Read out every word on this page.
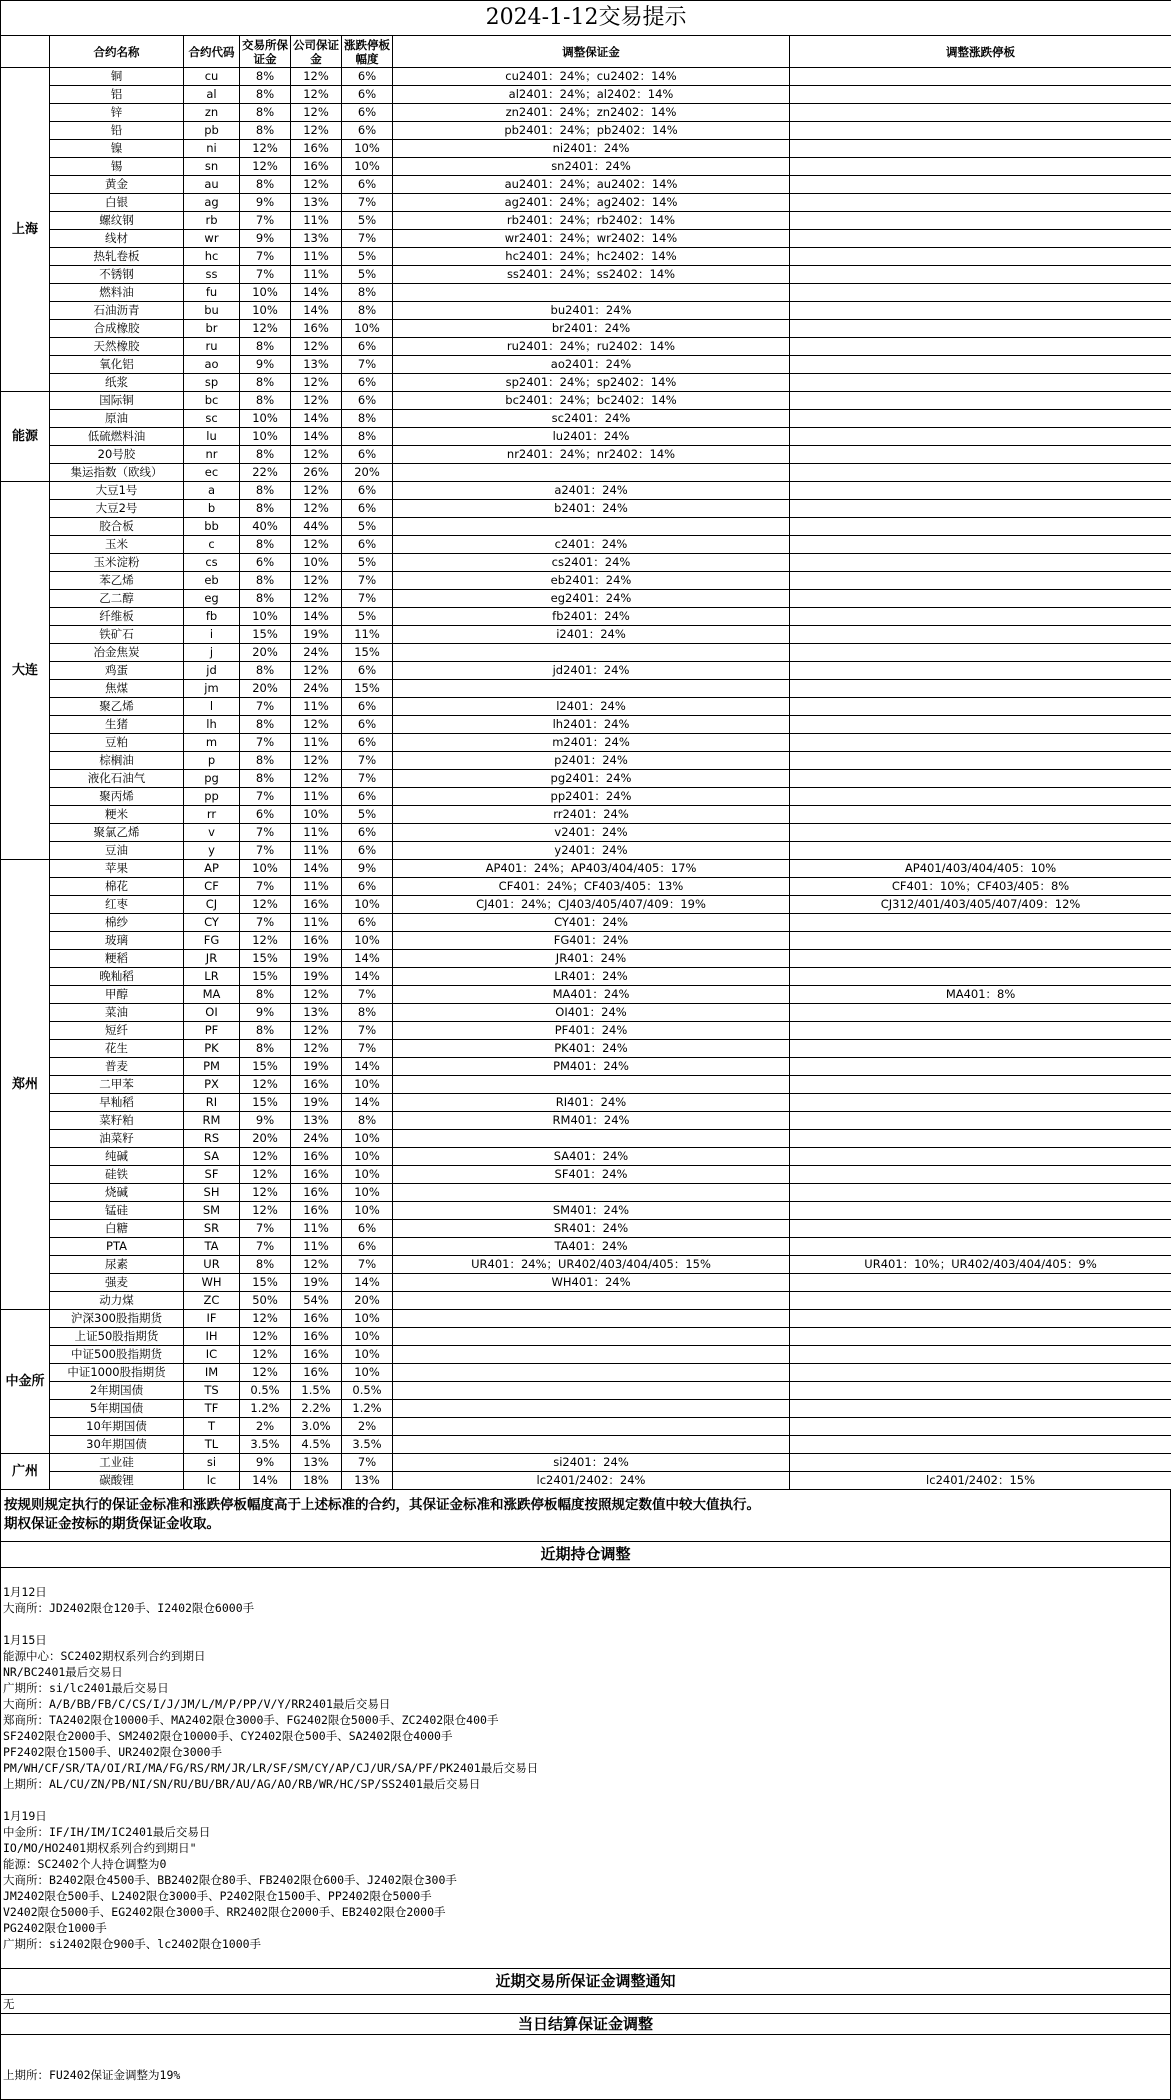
2024-1-12交易提示							
	合约名称	合约代码	交易所保证金	公司保证金	涨跌停板幅度	调整保证金	调整涨跌停板
上海	铜	cu	8%	12%	6%	cu2401：24%；cu2402：14%	
	铝	al	8%	12%	6%	al2401：24%；al2402：14%	
	锌	zn	8%	12%	6%	zn2401：24%；zn2402：14%	
	铅	pb	8%	12%	6%	pb2401：24%；pb2402：14%	
	镍	ni	12%	16%	10%	ni2401：24%	
	锡	sn	12%	16%	10%	sn2401：24%	
	黄金	au	8%	12%	6%	au2401：24%；au2402：14%	
	白银	ag	9%	13%	7%	ag2401：24%；ag2402：14%	
	螺纹钢	rb	7%	11%	5%	rb2401：24%；rb2402：14%	
	线材	wr	9%	13%	7%	wr2401：24%；wr2402：14%	
	热轧卷板	hc	7%	11%	5%	hc2401：24%；hc2402：14%	
	不锈钢	ss	7%	11%	5%	ss2401：24%；ss2402：14%	
	燃料油	fu	10%	14%	8%		
	石油沥青	bu	10%	14%	8%	bu2401：24%	
	合成橡胶	br	12%	16%	10%	br2401：24%	
	天然橡胶	ru	8%	12%	6%	ru2401：24%；ru2402：14%	
	氧化铝	ao	9%	13%	7%	ao2401：24%	
	纸浆	sp	8%	12%	6%	sp2401：24%；sp2402：14%	
能源	国际铜	bc	8%	12%	6%	bc2401：24%；bc2402：14%	
	原油	sc	10%	14%	8%	sc2401：24%	
	低硫燃料油	lu	10%	14%	8%	lu2401：24%	
	20号胶	nr	8%	12%	6%	nr2401：24%；nr2402：14%	
	集运指数（欧线）	ec	22%	26%	20%		
大连	大豆1号	a	8%	12%	6%	a2401：24%	
	大豆2号	b	8%	12%	6%	b2401：24%	
	胶合板	bb	40%	44%	5%		
	玉米	c	8%	12%	6%	c2401：24%	
	玉米淀粉	cs	6%	10%	5%	cs2401：24%	
	苯乙烯	eb	8%	12%	7%	eb2401：24%	
	乙二醇	eg	8%	12%	7%	eg2401：24%	
	纤维板	fb	10%	14%	5%	fb2401：24%	
	铁矿石	i	15%	19%	11%	i2401：24%	
	冶金焦炭	j	20%	24%	15%		
	鸡蛋	jd	8%	12%	6%	jd2401：24%	
	焦煤	jm	20%	24%	15%		
	聚乙烯	l	7%	11%	6%	l2401：24%	
	生猪	lh	8%	12%	6%	lh2401：24%	
	豆粕	m	7%	11%	6%	m2401：24%	
	棕榈油	p	8%	12%	7%	p2401：24%	
	液化石油气	pg	8%	12%	7%	pg2401：24%	
	聚丙烯	pp	7%	11%	6%	pp2401：24%	
	粳米	rr	6%	10%	5%	rr2401：24%	
	聚氯乙烯	v	7%	11%	6%	v2401：24%	
	豆油	y	7%	11%	6%	y2401：24%	
郑州	苹果	AP	10%	14%	9%	AP401：24%；AP403/404/405：17%	AP401/403/404/405：10%
	棉花	CF	7%	11%	6%	CF401：24%；CF403/405：13%	CF401：10%；CF403/405：8%
	红枣	CJ	12%	16%	10%	CJ401：24%；CJ403/405/407/409：19%	CJ312/401/403/405/407/409：12%
	棉纱	CY	7%	11%	6%	CY401：24%	
	玻璃	FG	12%	16%	10%	FG401：24%	
	粳稻	JR	15%	19%	14%	JR401：24%	
	晚籼稻	LR	15%	19%	14%	LR401：24%	
	甲醇	MA	8%	12%	7%	MA401：24%	MA401：8%
	菜油	OI	9%	13%	8%	OI401：24%	
	短纤	PF	8%	12%	7%	PF401：24%	
	花生	PK	8%	12%	7%	PK401：24%	
	普麦	PM	15%	19%	14%	PM401：24%	
	二甲苯	PX	12%	16%	10%		
	早籼稻	RI	15%	19%	14%	RI401：24%	
	菜籽粕	RM	9%	13%	8%	RM401：24%	
	油菜籽	RS	20%	24%	10%		
	纯碱	SA	12%	16%	10%	SA401：24%	
	硅铁	SF	12%	16%	10%	SF401：24%	
	烧碱	SH	12%	16%	10%		
	锰硅	SM	12%	16%	10%	SM401：24%	
	白糖	SR	7%	11%	6%	SR401：24%	
	PTA	TA	7%	11%	6%	TA401：24%	
	尿素	UR	8%	12%	7%	UR401：24%；UR402/403/404/405：15%	UR401：10%；UR402/403/404/405：9%
	强麦	WH	15%	19%	14%	WH401：24%	
	动力煤	ZC	50%	54%	20%		
中金所	沪深300股指期货	IF	12%	16%	10%		
	上证50股指期货	IH	12%	16%	10%		
	中证500股指期货	IC	12%	16%	10%		
	中证1000股指期货	IM	12%	16%	10%		
	2年期国债	TS	0.5%	1.5%	0.5%		
	5年期国债	TF	1.2%	2.2%	1.2%		
	10年期国债	T	2%	3.0%	2%		
	30年期国债	TL	3.5%	4.5%	3.5%		
广州	工业硅	si	9%	13%	7%	si2401：24%	
	碳酸锂	lc	14%	18%	13%	lc2401/2402：24%	lc2401/2402：15%
按规则规定执行的保证金标准和涨跌停板幅度高于上述标准的合约，其保证金标准和涨跌停板幅度按照规定数值中较大值执行。
期权保证金按标的期货保证金收取。
近期持仓调整
1月12日
大商所：JD2402限仓120手、I2402限仓6000手
1月15日
能源中心：SC2402期权系列合约到期日
NR/BC2401最后交易日
广期所：si/lc2401最后交易日
大商所：A/B/BB/FB/C/CS/I/J/JM/L/M/P/PP/V/Y/RR2401最后交易日
郑商所：TA2402限仓10000手、MA2402限仓3000手、FG2402限仓5000手、ZC2402限仓400手
SF2402限仓2000手、SM2402限仓10000手、CY2402限仓500手、SA2402限仓4000手
PF2402限仓1500手、UR2402限仓3000手
PM/WH/CF/SR/TA/OI/RI/MA/FG/RS/RM/JR/LR/SF/SM/CY/AP/CJ/UR/SA/PF/PK2401最后交易日
上期所：AL/CU/ZN/PB/NI/SN/RU/BU/BR/AU/AG/AO/RB/WR/HC/SP/SS2401最后交易日
1月19日
中金所：IF/IH/IM/IC2401最后交易日
IO/MO/HO2401期权系列合约到期日"
能源：SC2402个人持仓调整为0
大商所：B2402限仓4500手、BB2402限仓80手、FB2402限仓600手、J2402限仓300手
JM2402限仓500手、L2402限仓3000手、P2402限仓1500手、PP2402限仓5000手
V2402限仓5000手、EG2402限仓3000手、RR2402限仓2000手、EB2402限仓2000手
PG2402限仓1000手
广期所：si2402限仓900手、lc2402限仓1000手
近期交易所保证金调整通知
无
当日结算保证金调整
上期所：FU2402保证金调整为19%
